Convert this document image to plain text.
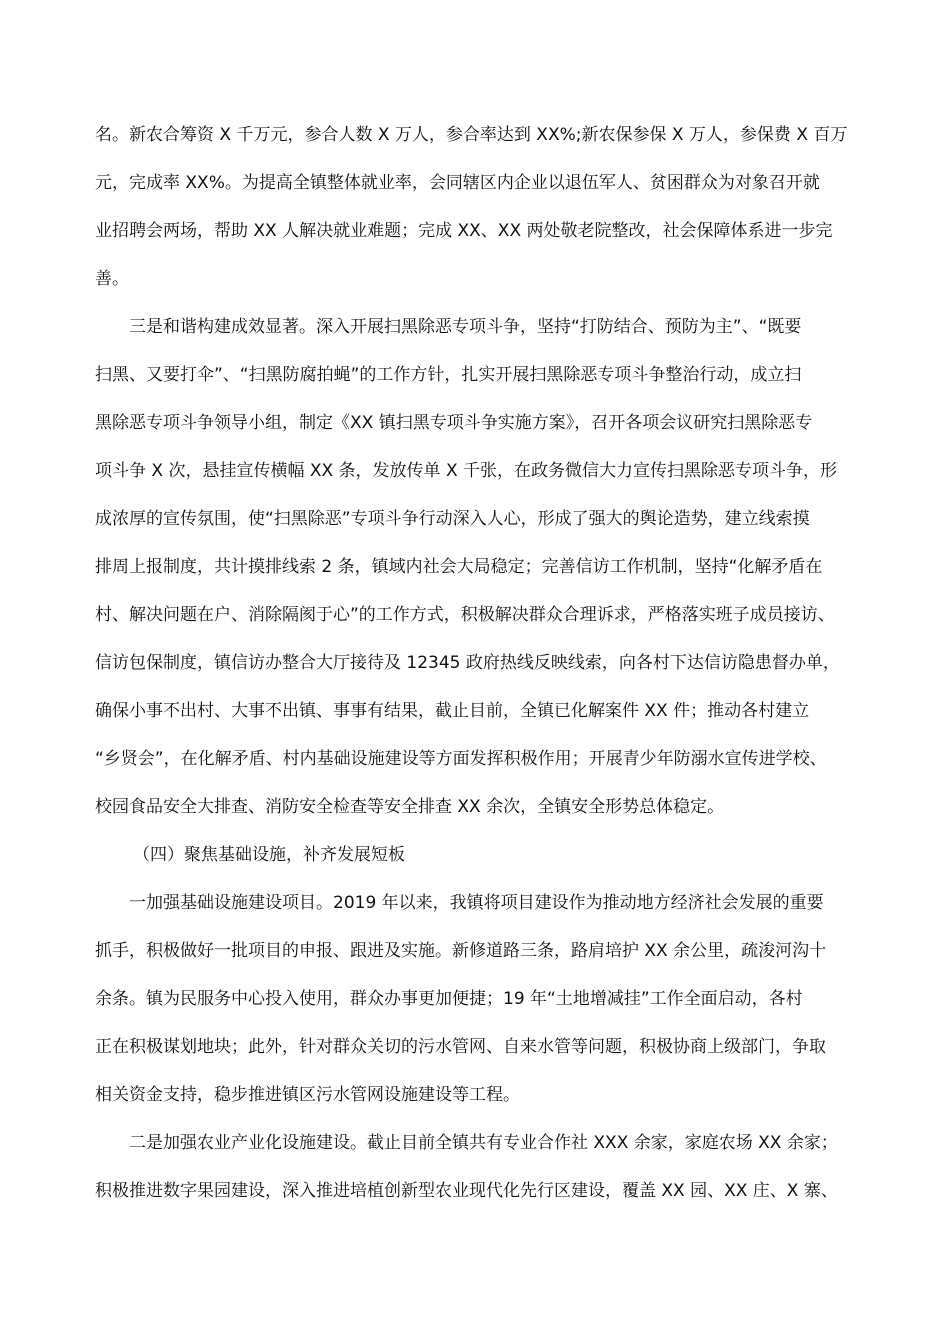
名。新农合筹资 X 千万元，参合人数 X 万人，参合率达到 XX%;新农保参保 X 万人，参保费 X 百万
元，完成率 XX%。为提高全镇整体就业率，会同辖区内企业以退伍军人、贫困群众为对象召开就
业招聘会两场，帮助 XX 人解决就业难题；完成 XX、XX 两处敬老院整改，社会保障体系进一步完
善。

三是和谐构建成效显著。深入开展扫黑除恶专项斗争，坚持“打防结合、预防为主”、“既要
扫黑、又要打伞”、“扫黑防腐拍蝇”的工作方针，扎实开展扫黑除恶专项斗争整治行动，成立扫
黑除恶专项斗争领导小组，制定《XX 镇扫黑专项斗争实施方案》，召开各项会议研究扫黑除恶专
项斗争 X 次，悬挂宣传横幅 XX 条，发放传单 X 千张，在政务微信大力宣传扫黑除恶专项斗争，形
成浓厚的宣传氛围，使“扫黑除恶”专项斗争行动深入人心，形成了强大的舆论造势，建立线索摸
排周上报制度，共计摸排线索 2 条，镇域内社会大局稳定；完善信访工作机制，坚持“化解矛盾在
村、解决问题在户、消除隔阂于心”的工作方式，积极解决群众合理诉求，严格落实班子成员接访、
信访包保制度，镇信访办整合大厅接待及 12345 政府热线反映线索，向各村下达信访隐患督办单，
确保小事不出村、大事不出镇、事事有结果，截止目前，全镇已化解案件 XX 件；推动各村建立
“乡贤会”，在化解矛盾、村内基础设施建设等方面发挥积极作用；开展青少年防溺水宣传进学校、
校园食品安全大排查、消防安全检查等安全排查 XX 余次，全镇安全形势总体稳定。

（四）聚焦基础设施，补齐发展短板

一加强基础设施建设项目。2019 年以来，我镇将项目建设作为推动地方经济社会发展的重要
抓手，积极做好一批项目的申报、跟进及实施。新修道路三条，路肩培护 XX 余公里，疏浚河沟十
余条。镇为民服务中心投入使用，群众办事更加便捷；19 年“土地增减挂”工作全面启动，各村
正在积极谋划地块；此外，针对群众关切的污水管网、自来水管等问题，积极协商上级部门，争取
相关资金支持，稳步推进镇区污水管网设施建设等工程。

二是加强农业产业化设施建设。截止目前全镇共有专业合作社 XXX 余家，家庭农场 XX 余家；
积极推进数字果园建设，深入推进培植创新型农业现代化先行区建设，覆盖 XX 园、XX 庄、X 寨、
